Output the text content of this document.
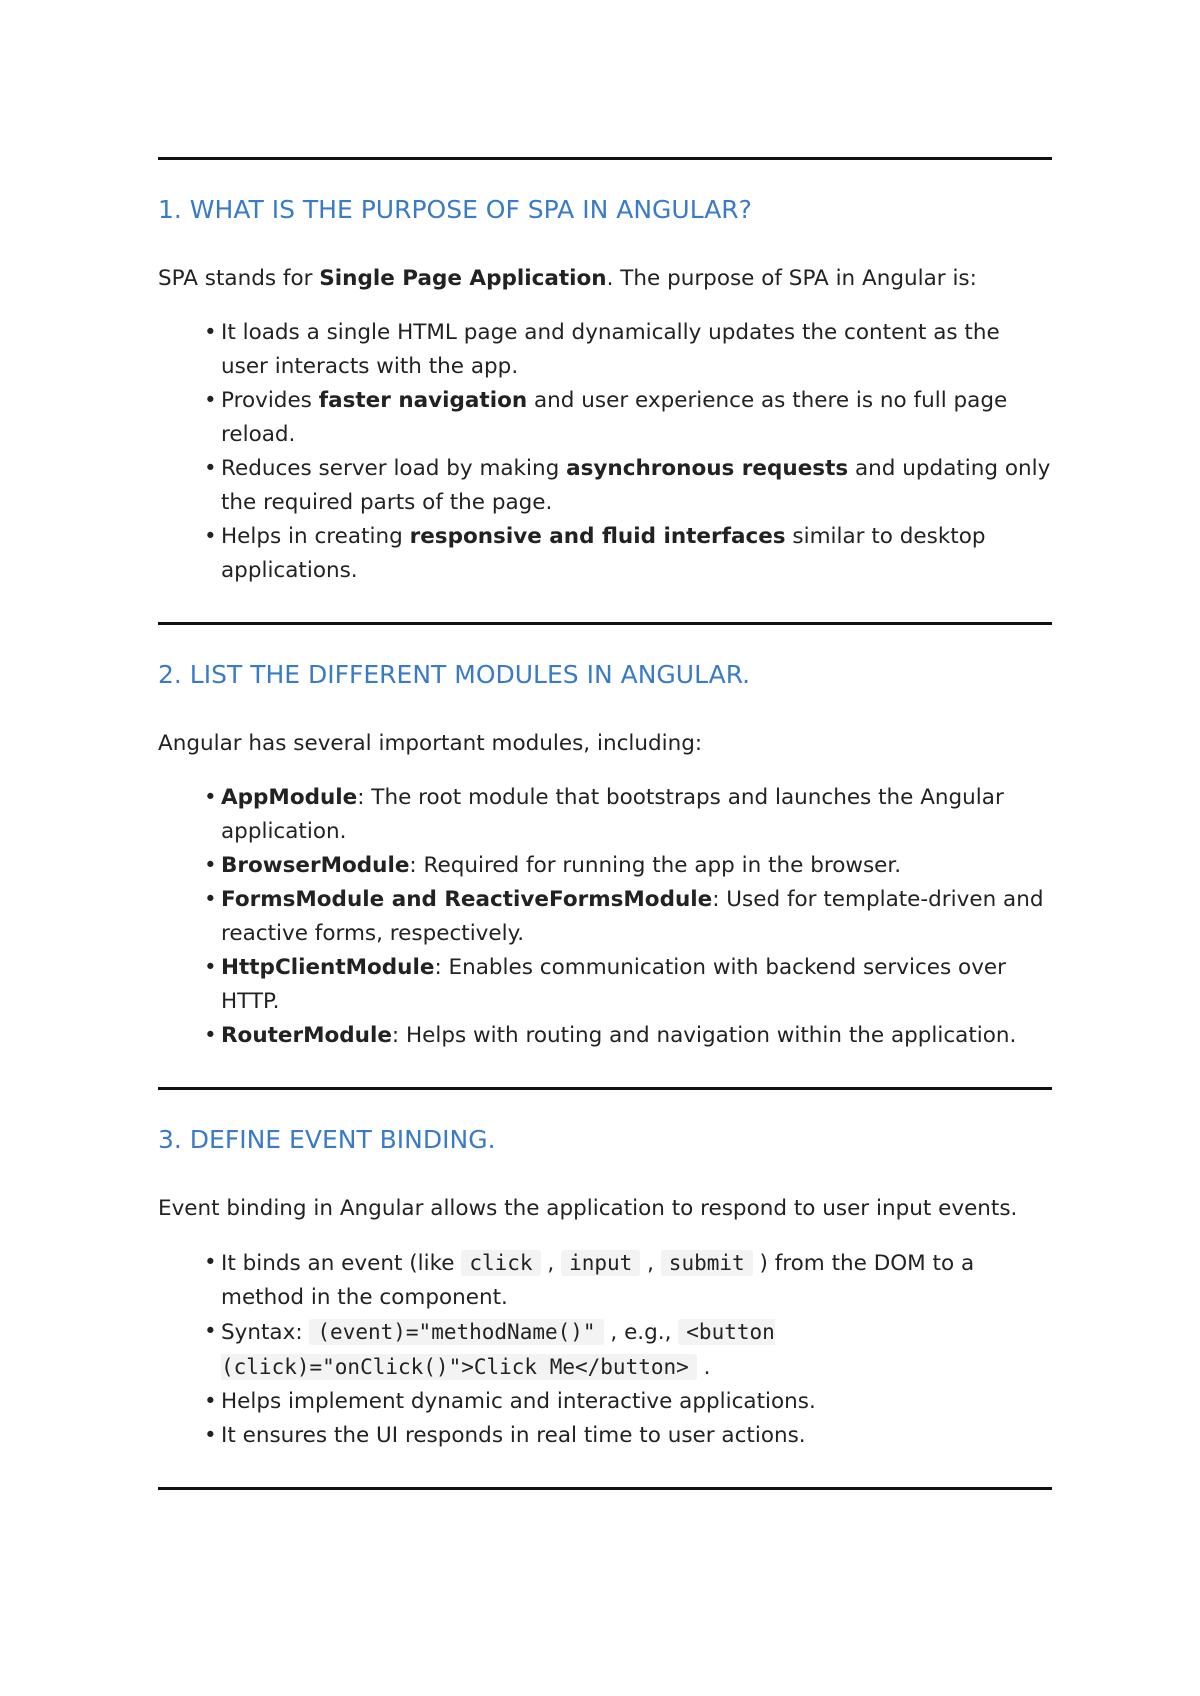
1. WHAT IS THE PURPOSE OF SPA IN ANGULAR?

SPA stands for Single Page Application. The purpose of SPA in Angular is:

• It loads a single HTML page and dynamically updates the content as the user interacts with the app.
• Provides faster navigation and user experience as there is no full page reload.
• Reduces server load by making asynchronous requests and updating only the required parts of the page.
• Helps in creating responsive and fluid interfaces similar to desktop applications.
2. LIST THE DIFFERENT MODULES IN ANGULAR.

Angular has several important modules, including:

• AppModule: The root module that bootstraps and launches the Angular application.
• BrowserModule: Required for running the app in the browser.
• FormsModule and ReactiveFormsModule: Used for template-driven and reactive forms, respectively.
• HttpClientModule: Enables communication with backend services over HTTP.
• RouterModule: Helps with routing and navigation within the application.
3. DEFINE EVENT BINDING.

Event binding in Angular allows the application to respond to user input events.

• It binds an event (like click , input , submit ) from the DOM to a method in the component.
• Syntax: (event)="methodName()" , e.g., <button (click)="onClick()">Click Me</button> .
• Helps implement dynamic and interactive applications.
• It ensures the UI responds in real time to user actions.
